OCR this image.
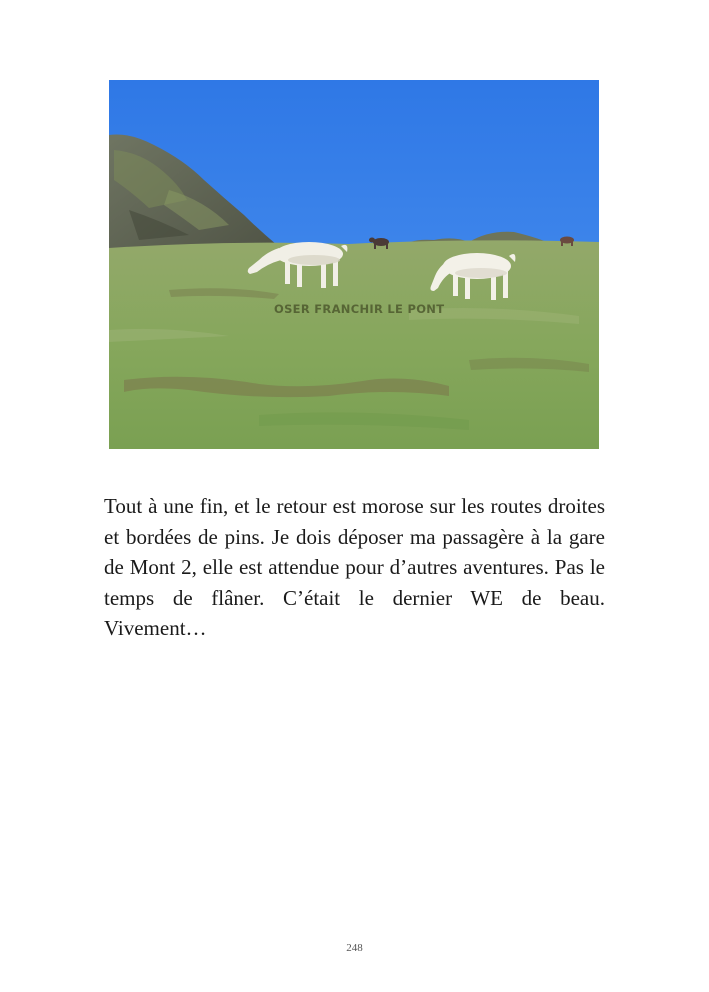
OSER FRANCHIR LE PONT

Tout à une fin, et le retour est morose sur les routes droites et bordées de pins. Je dois déposer ma passagère à la gare de Mont 2, elle est attendue pour d’autres aventures. Pas le temps de flâner. C’était le dernier WE de beau. Vivement…

248
